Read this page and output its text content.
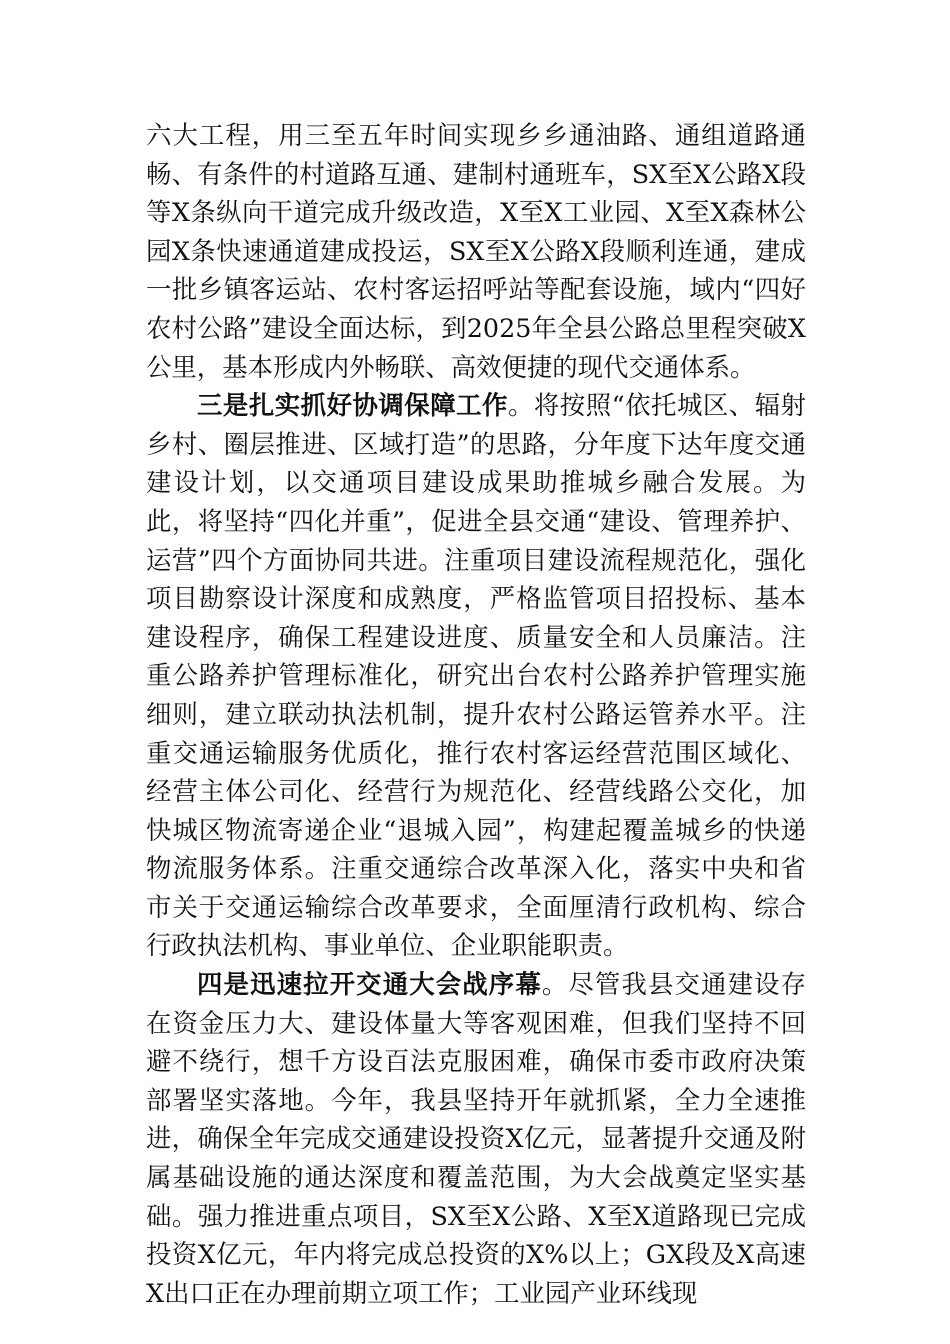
六大工程，用三至五年时间实现乡乡通油路、通组道路通畅、有条件的村道路互通、建制村通班车，SX至X公路X段等X条纵向干道完成升级改造，X至X工业园、X至X森林公园X条快速通道建成投运，SX至X公路X段顺利连通，建成一批乡镇客运站、农村客运招呼站等配套设施，域内“四好农村公路”建设全面达标，到2025年全县公路总里程突破X公里，基本形成内外畅联、高效便捷的现代交通体系。

三是扎实抓好协调保障工作。将按照“依托城区、辐射乡村、圈层推进、区域打造”的思路，分年度下达年度交通建设计划，以交通项目建设成果助推城乡融合发展。为此，将坚持“四化并重”，促进全县交通“建设、管理养护、运营”四个方面协同共进。注重项目建设流程规范化，强化项目勘察设计深度和成熟度，严格监管项目招投标、基本建设程序，确保工程建设进度、质量安全和人员廉洁。注重公路养护管理标准化，研究出台农村公路养护管理实施细则，建立联动执法机制，提升农村公路运管养水平。注重交通运输服务优质化，推行农村客运经营范围区域化、经营主体公司化、经营行为规范化、经营线路公交化，加快城区物流寄递企业“退城入园”，构建起覆盖城乡的快递物流服务体系。注重交通综合改革深入化，落实中央和省市关于交通运输综合改革要求，全面厘清行政机构、综合行政执法机构、事业单位、企业职能职责。

四是迅速拉开交通大会战序幕。尽管我县交通建设存在资金压力大、建设体量大等客观困难，但我们坚持不回避不绕行，想千方设百法克服困难，确保市委市政府决策部署坚实落地。今年，我县坚持开年就抓紧，全力全速推进，确保全年完成交通建设投资X亿元，显著提升交通及附属基础设施的通达深度和覆盖范围，为大会战奠定坚实基础。强力推进重点项目，SX至X公路、X至X道路现已完成投资X亿元，年内将完成总投资的X%以上；GX段及X高速X出口正在办理前期立项工作；工业园产业环线现
